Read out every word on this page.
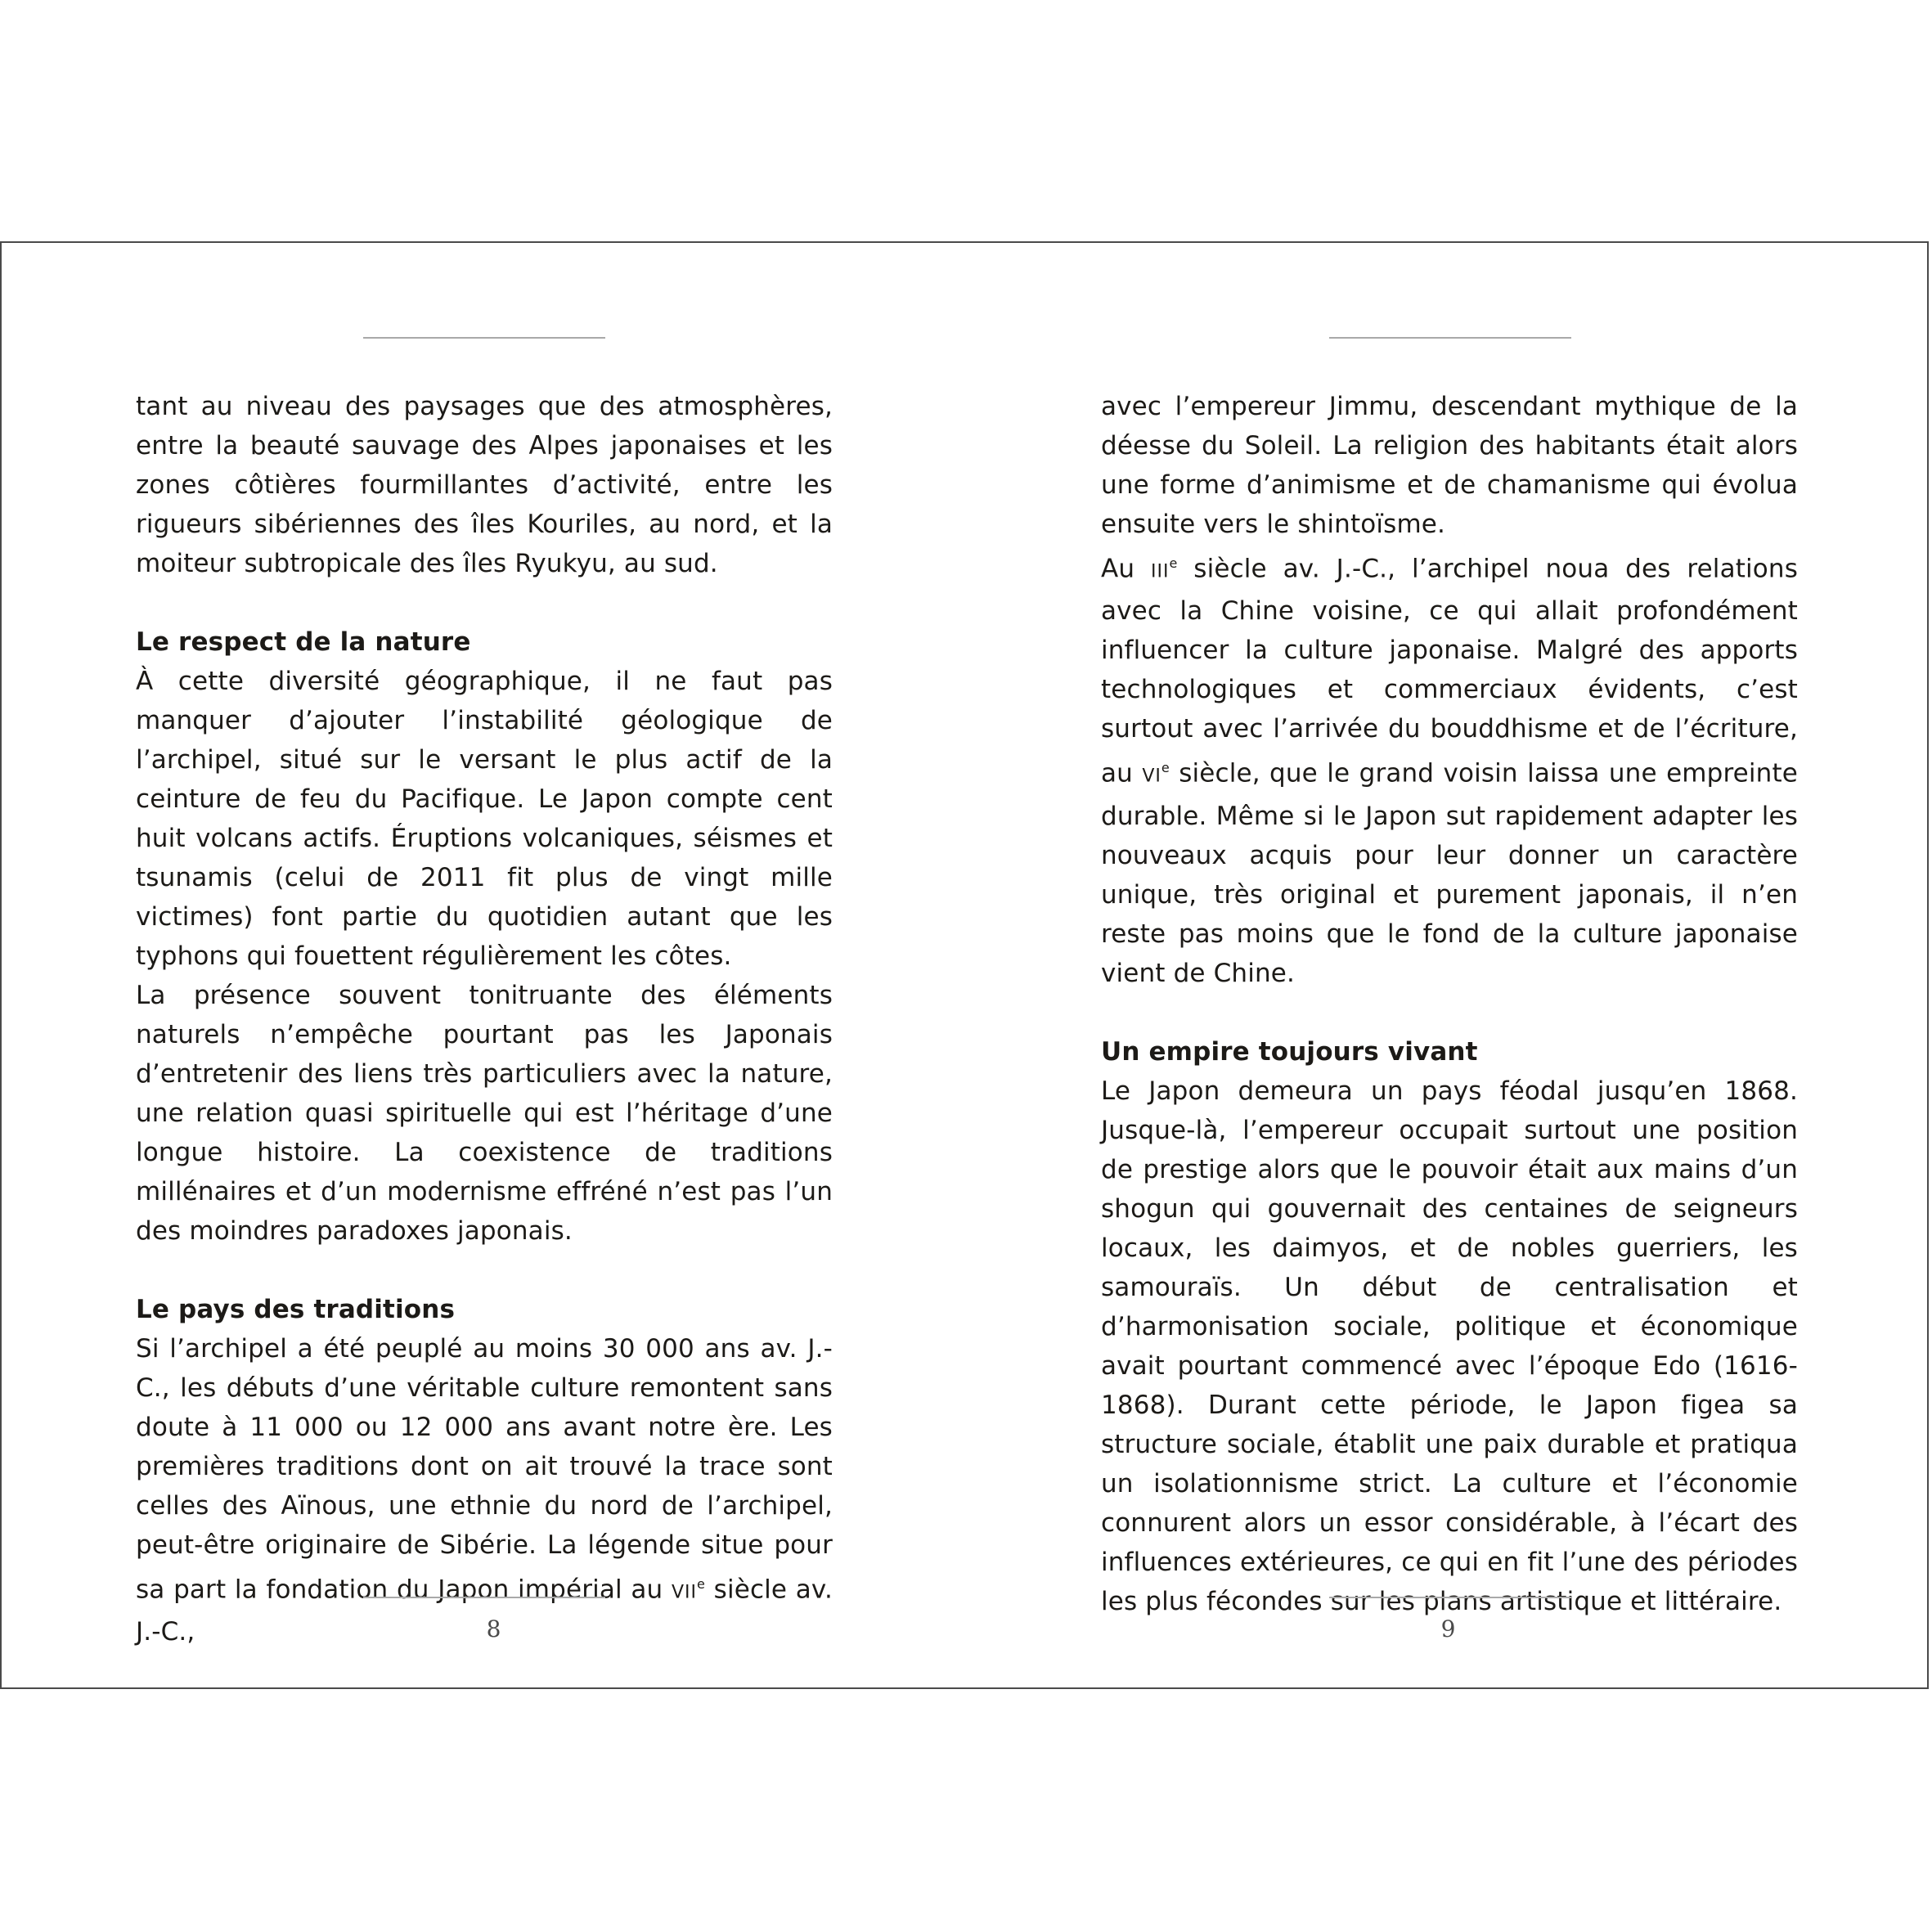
tant au niveau des paysages que des atmosphères, entre la beauté sauvage des Alpes japonaises et les zones côtières fourmillantes d’activité, entre les rigueurs sibériennes des îles Kouriles, au nord, et la moiteur subtropicale des îles Ryukyu, au sud.

Le respect de la nature

À cette diversité géographique, il ne faut pas manquer d’ajouter l’instabilité géologique de l’archipel, situé sur le versant le plus actif de la ceinture de feu du Pacifique. Le Japon compte cent huit volcans actifs. Éruptions volcaniques, séismes et tsunamis (celui de 2011 fit plus de vingt mille victimes) font partie du quotidien autant que les typhons qui fouettent régulièrement les côtes.

La présence souvent tonitruante des éléments naturels n’empêche pourtant pas les Japonais d’entretenir des liens très particuliers avec la nature, une relation quasi spirituelle qui est l’héritage d’une longue histoire. La coexistence de traditions millénaires et d’un modernisme effréné n’est pas l’un des moindres paradoxes japonais.

Le pays des traditions

Si l’archipel a été peuplé au moins 30 000 ans av. J.-C., les débuts d’une véritable culture remontent sans doute à 11 000 ou 12 000 ans avant notre ère. Les premières traditions dont on ait trouvé la trace sont celles des Aïnous, une ethnie du nord de l’archipel, peut-être originaire de Sibérie. La légende situe pour sa part la fondation du Japon impérial au VIIe siècle av. J.-C.,	8

avec l’empereur Jimmu, descendant mythique de la déesse du Soleil. La religion des habitants était alors une forme d’animisme et de chamanisme qui évolua ensuite vers le shintoïsme.

Au IIIe siècle av. J.-C., l’archipel noua des relations avec la Chine voisine, ce qui allait profondément influencer la culture japonaise. Malgré des apports technologiques et commerciaux évidents, c’est surtout avec l’arrivée du bouddhisme et de l’écriture, au VIe siècle, que le grand voisin laissa une empreinte durable. Même si le Japon sut rapidement adapter les nouveaux acquis pour leur donner un caractère unique, très original et purement japonais, il n’en reste pas moins que le fond de la culture japonaise vient de Chine.

Un empire toujours vivant

Le Japon demeura un pays féodal jusqu’en 1868. Jusque-là, l’empereur occupait surtout une position de prestige alors que le pouvoir était aux mains d’un shogun qui gouvernait des centaines de seigneurs locaux, les daimyos, et de nobles guerriers, les samouraïs. Un début de centralisation et d’harmonisation sociale, politique et économique avait pourtant commencé avec l’époque Edo (1616-1868). Durant cette période, le Japon figea sa structure sociale, établit une paix durable et pratiqua un isolationnisme strict. La culture et l’économie connurent alors un essor considérable, à l’écart des influences extérieures, ce qui en fit l’une des périodes les plus fécondes sur les plans artistique et littéraire.

9
